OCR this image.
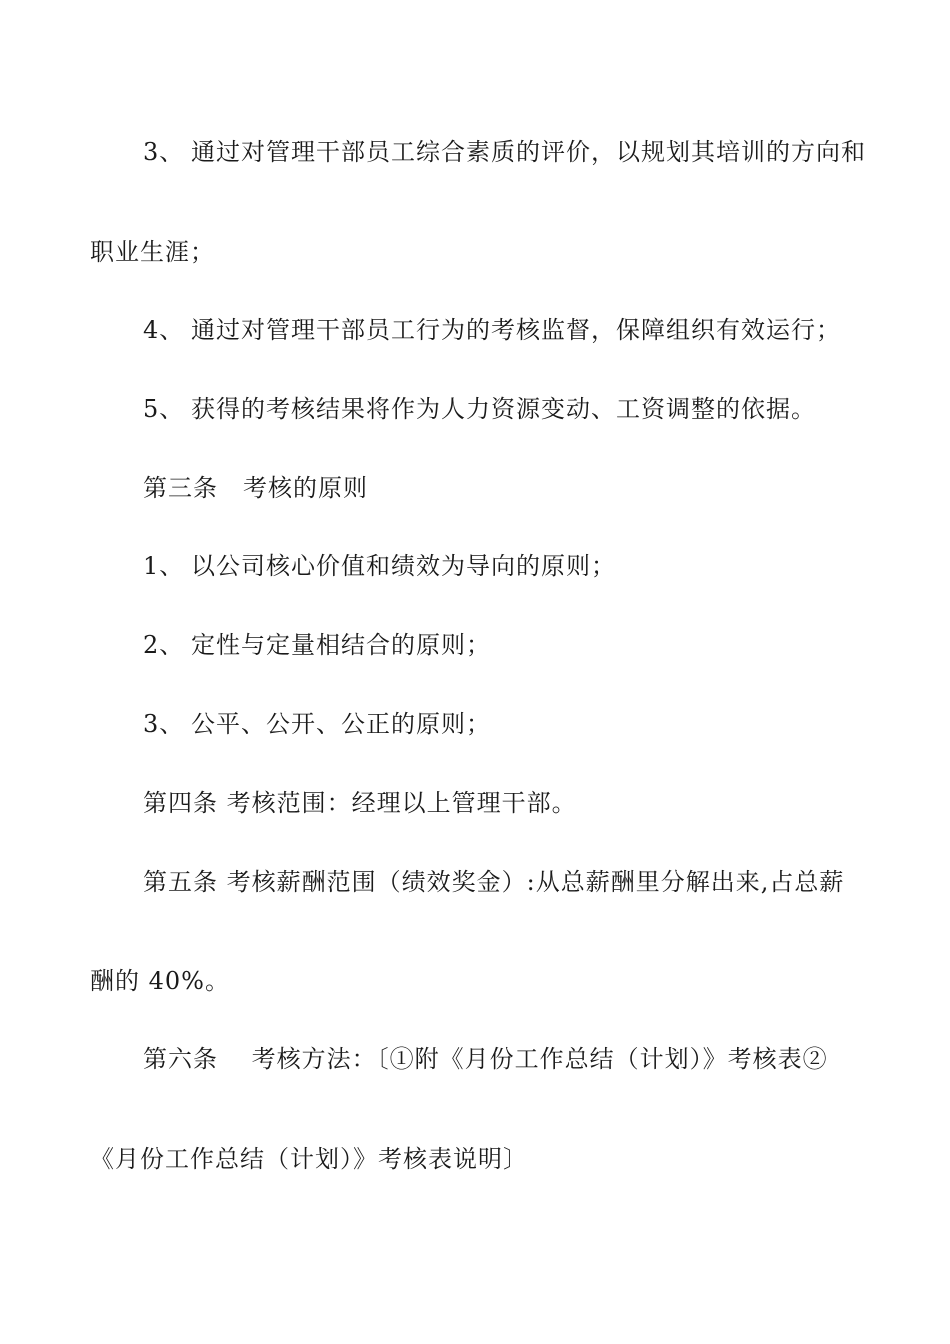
3、 通过对管理干部员工综合素质的评价，以规划其培训的方向和
职业生涯；
4、 通过对管理干部员工行为的考核监督，保障组织有效运行；
5、 获得的考核结果将作为人力资源变动、工资调整的依据。
第三条　考核的原则
1、 以公司核心价值和绩效为导向的原则；
2、 定性与定量相结合的原则；
3、 公平、公开、公正的原则；
第四条 考核范围：经理以上管理干部。
第五条 考核薪酬范围（绩效奖金）:从总薪酬里分解出来,占总薪
酬的 40%。
第六条　 考核方法：〔①附《月份工作总结（计划）》考核表②
《月份工作总结（计划）》考核表说明〕
